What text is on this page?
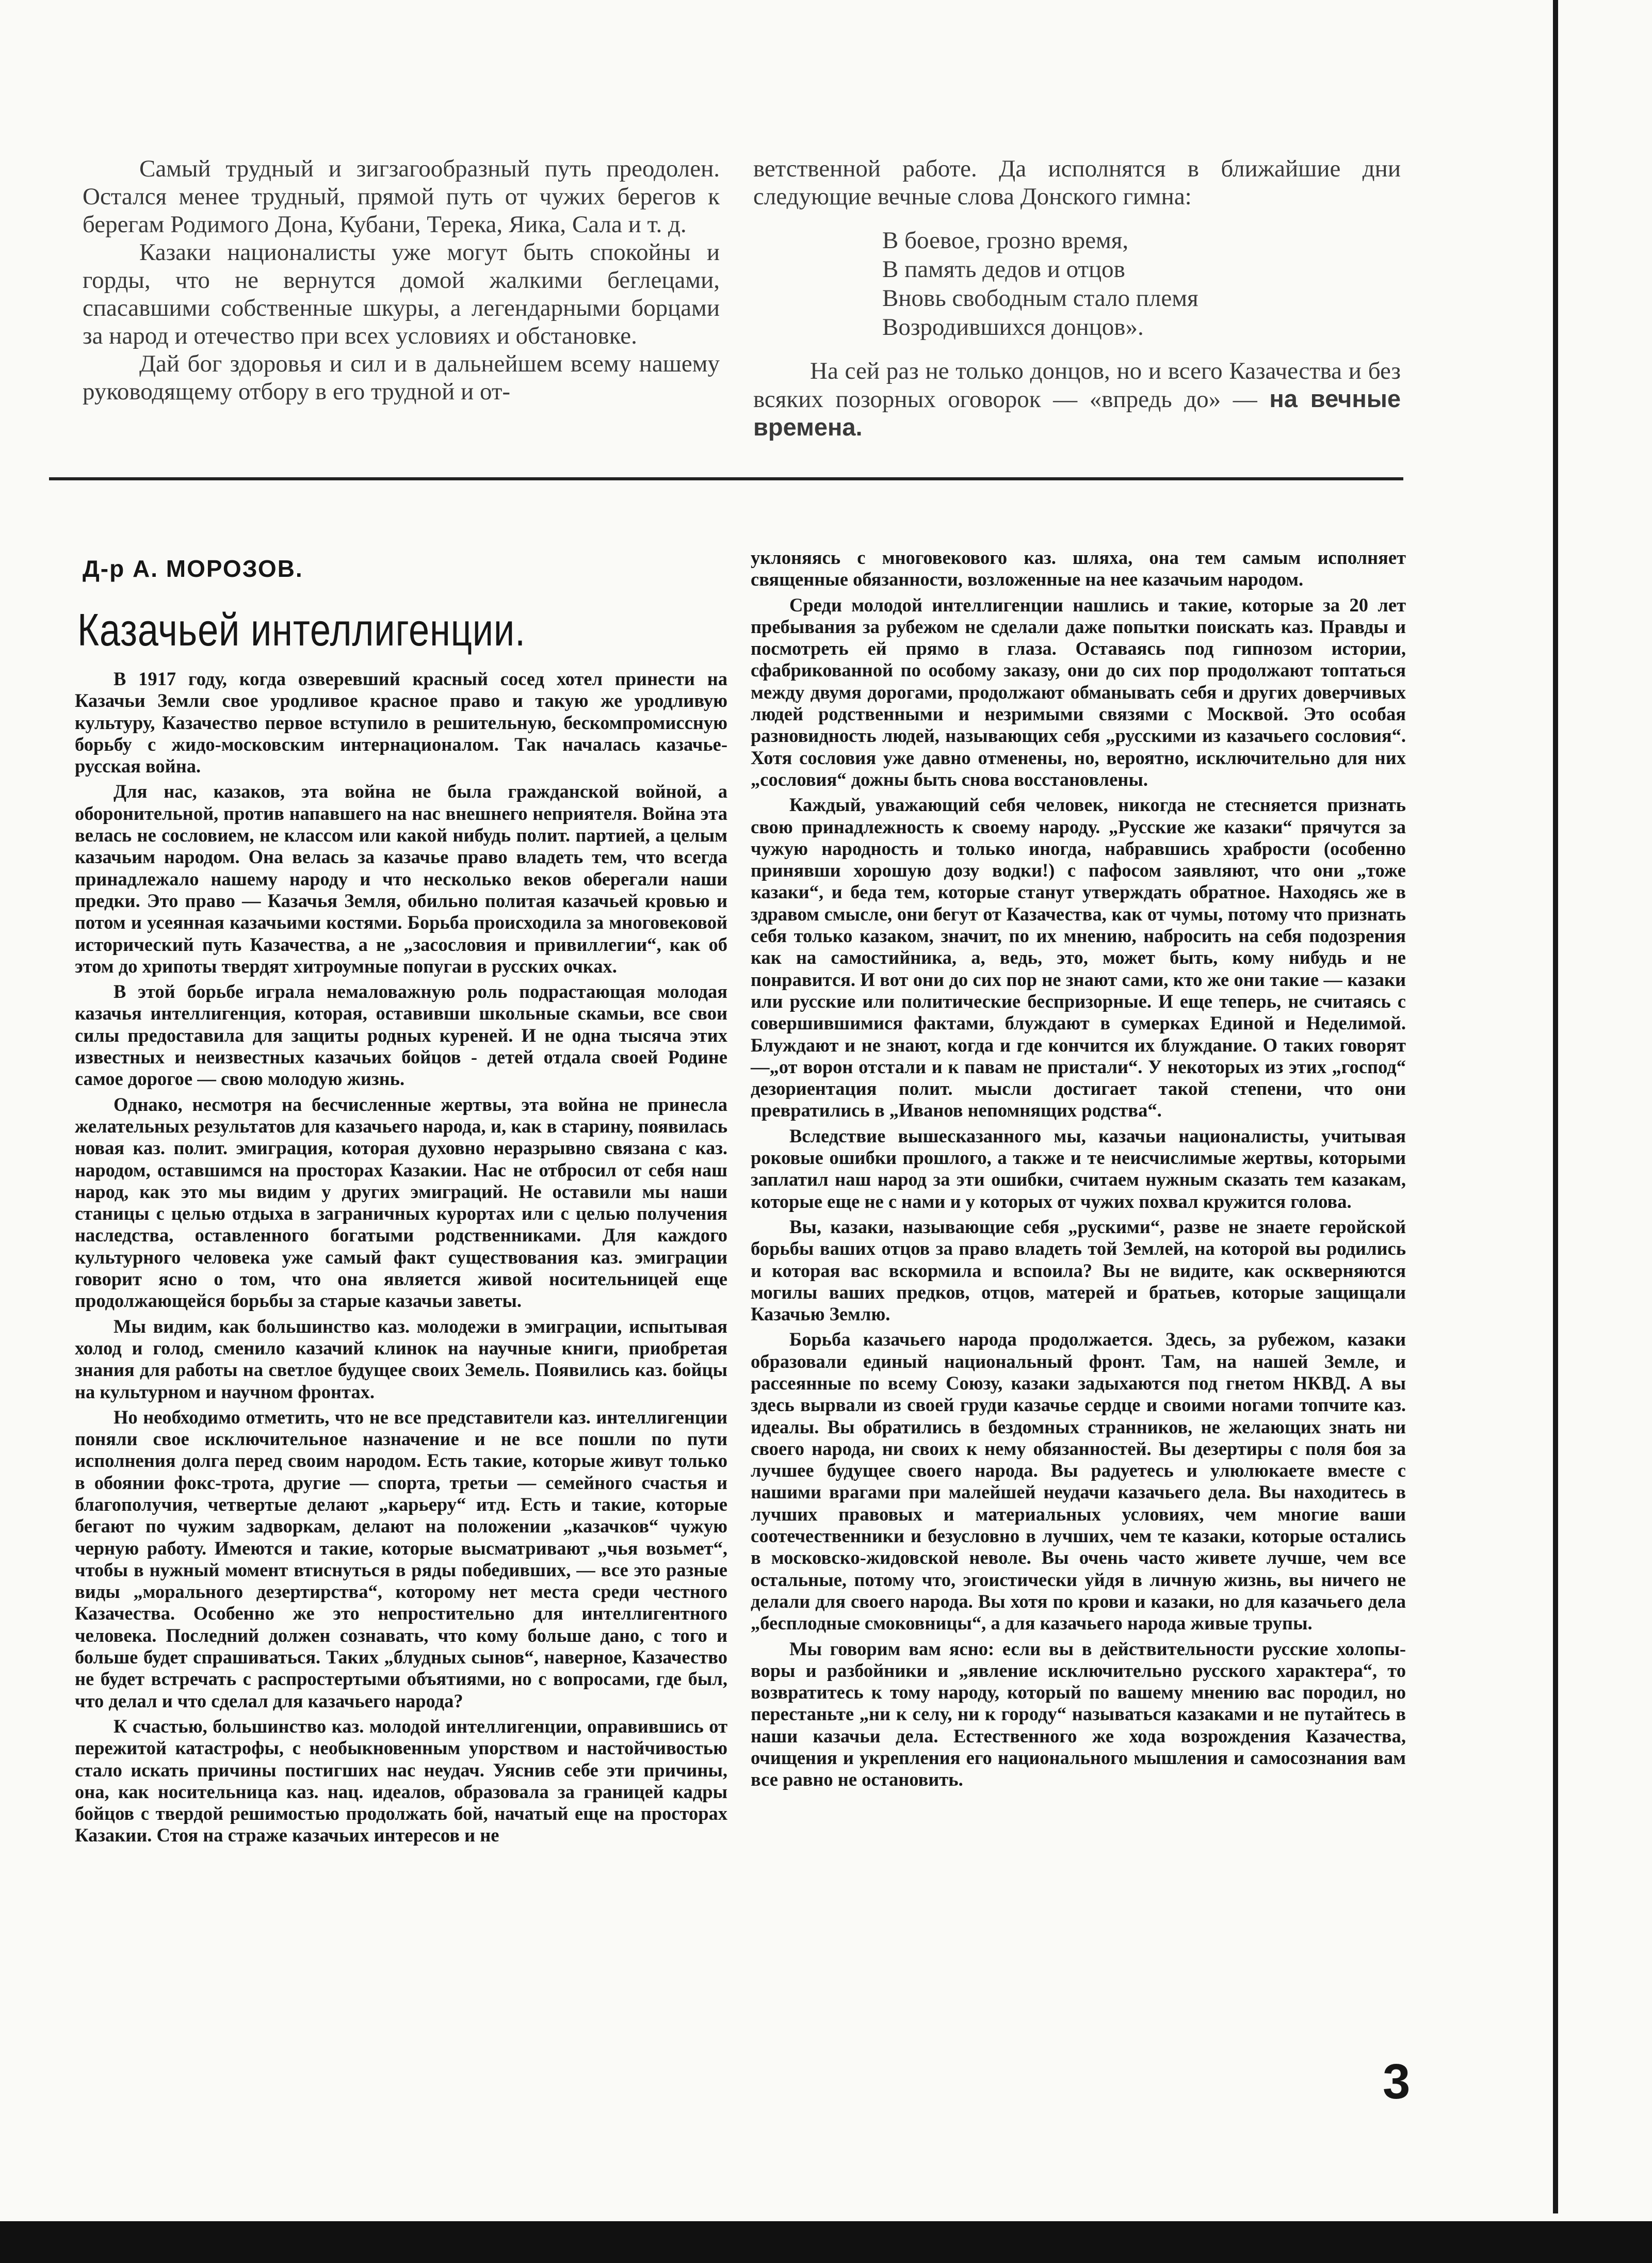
Самый трудный и зигзагообразный путь преодолен. Остался менее трудный, прямой путь от чужих берегов к берегам Родимого Дона, Кубани, Терека, Яика, Сала и т. д.

Казаки националисты уже могут быть спокойны и горды, что не вернутся домой жалкими беглецами, спасавшими собственные шкуры, а легендарными борцами за народ и отечество при всех условиях и обстановке.

Дай бог здоровья и сил и в дальнейшем всему нашему руководящему отбору в его трудной и от-

ветственной работе. Да исполнятся в ближайшие дни следующие вечные слова Донского гимна:

В боевое, грозно время,
В память дедов и отцов
Вновь свободным стало племя
Возродившихся донцов».

На сей раз не только донцов, но и всего Казачества и без всяких позорных оговорок — «впредь до» — на вечные времена.

Д-р А. МОРОЗОВ.
Казачьей интеллигенции.

В 1917 году, когда озверевший красный сосед хотел принести на Казачьи Земли свое уродливое красное право и такую же уродливую культуру, Казачество первое вступило в решительную, бескомпромиссную борьбу с жидо-московским интернационалом. Так началась казачье-русская война.

Для нас, казаков, эта война не была гражданской войной, а оборонительной, против напавшего на нас внешнего неприятеля. Война эта велась не сословием, не классом или какой нибудь полит. партией, а целым казачьим народом. Она велась за казачье право владеть тем, что всегда принадлежало нашему народу и что несколько веков оберегали наши предки. Это право — Казачья Земля, обильно политая казачьей кровью и потом и усеянная казачьими костями. Борьба происходила за многовековой исторический путь Казачества, а не „засословия и привиллегии“, как об этом до хрипоты твердят хитроумные попугаи в русских очках.

В этой борьбе играла немаловажную роль подрастающая молодая казачья интеллигенция, которая, оставивши школьные скамьи, все свои силы предоставила для защиты родных куреней. И не одна тысяча этих известных и неизвестных казачьих бойцов - детей отдала своей Родине самое дорогое — свою молодую жизнь.

Однако, несмотря на бесчисленные жертвы, эта война не принесла желательных результатов для казачьего народа, и, как в старину, появилась новая каз. полит. эмиграция, которая духовно неразрывно связана с каз. народом, оставшимся на просторах Казакии. Нас не отбросил от себя наш народ, как это мы видим у других эмиграций. Не оставили мы наши станицы с целью отдыха в заграничных курортах или с целью получения наследства, оставленного богатыми родственниками. Для каждого культурного человека уже самый факт существования каз. эмиграции говорит ясно о том, что она является живой носительницей еще продолжающейся борьбы за старые казачьи заветы.

Мы видим, как большинство каз. молодежи в эмиграции, испытывая холод и голод, сменило казачий клинок на научные книги, приобретая знания для работы на светлое будущее своих Земель. Появились каз. бойцы на культурном и научном фронтах.

Но необходимо отметить, что не все представители каз. интеллигенции поняли свое исключительное назначение и не все пошли по пути исполнения долга перед своим народом. Есть такие, которые живут только в обоянии фокс-трота, другие — спорта, третьи — семейного счастья и благополучия, четвертые делают „карьеру“ итд. Есть и такие, которые бегают по чужим задворкам, делают на положении „казачков“ чужую черную работу. Имеются и такие, которые высматривают „чья возьмет“, чтобы в нужный момент втиснуться в ряды победивших, — все это разные виды „морального дезертирства“, которому нет места среди честного Казачества. Особенно же это непростительно для интеллигентного человека. Последний должен сознавать, что кому больше дано, с того и больше будет спрашиваться. Таких „блудных сынов“, наверное, Казачество не будет встречать с распростертыми объятиями, но с вопросами, где был, что делал и что сделал для казачьего народа?

К счастью, большинство каз. молодой интеллигенции, оправившись от пережитой катастрофы, с необыкновенным упорством и настойчивостью стало искать причины постигших нас неудач. Уяснив себе эти причины, она, как носительница каз. нац. идеалов, образовала за границей кадры бойцов с твердой решимостью продолжать бой, начатый еще на просторах Казакии. Стоя на страже казачьих интересов и не

уклоняясь с многовекового каз. шляха, она тем самым исполняет священные обязанности, возложенные на нее казачьим народом.

Среди молодой интеллигенции нашлись и такие, которые за 20 лет пребывания за рубежом не сделали даже попытки поискать каз. Правды и посмотреть ей прямо в глаза. Оставаясь под гипнозом истории, сфабрикованной по особому заказу, они до сих пор продолжают топтаться между двумя дорогами, продолжают обманывать себя и других доверчивых людей родственными и незримыми связями с Москвой. Это особая разновидность людей, называющих себя „русскими из казачьего сословия“. Хотя сословия уже давно отменены, но, вероятно, исключительно для них „сословия“ дожны быть снова восстановлены.

Каждый, уважающий себя человек, никогда не стесняется признать свою принадлежность к своему народу. „Русские же казаки“ прячутся за чужую народность и только иногда, набравшись храбрости (особенно принявши хорошую дозу водки!) с пафосом заявляют, что они „тоже казаки“, и беда тем, которые станут утверждать обратное. Находясь же в здравом смысле, они бегут от Казачества, как от чумы, потому что признать себя только казаком, значит, по их мнению, набросить на себя подозрения как на самостийника, а, ведь, это, может быть, кому нибудь и не понравится. И вот они до сих пор не знают сами, кто же они такие — казаки или русские или политические беспризорные. И еще теперь, не считаясь с совершившимися фактами, блуждают в сумерках Единой и Неделимой. Блуждают и не знают, когда и где кончится их блуждание. О таких говорят—„от ворон отстали и к павам не пристали“. У некоторых из этих „господ“ дезориентация полит. мысли достигает такой степени, что они превратились в „Иванов непомнящих родства“.

Вследствие вышесказанного мы, казачьи националисты, учитывая роковые ошибки прошлого, а также и те неисчислимые жертвы, которыми заплатил наш народ за эти ошибки, считаем нужным сказать тем казакам, которые еще не с нами и у которых от чужих похвал кружится голова.

Вы, казаки, называющие себя „рускими“, разве не знаете геройской борьбы ваших отцов за право владеть той Землей, на которой вы родились и которая вас вскормила и вспоила? Вы не видите, как оскверняются могилы ваших предков, отцов, матерей и братьев, которые защищали Казачью Землю.

Борьба казачьего народа продолжается. Здесь, за рубежом, казаки образовали единый национальный фронт. Там, на нашей Земле, и рассеянные по всему Союзу, казаки задыхаются под гнетом НКВД. А вы здесь вырвали из своей груди казачье сердце и своими ногами топчите каз. идеалы. Вы обратились в бездомных странников, не желающих знать ни своего народа, ни своих к нему обязанностей. Вы дезертиры с поля боя за лучшее будущее своего народа. Вы радуетесь и улюлюкаете вместе с нашими врагами при малейшей неудачи казачьего дела. Вы находитесь в лучших правовых и материальных условиях, чем многие ваши соотечественники и безусловно в лучших, чем те казаки, которые остались в московско-жидовской неволе. Вы очень часто живете лучше, чем все остальные, потому что, эгоистически уйдя в личную жизнь, вы ничего не делали для своего народа. Вы хотя по крови и казаки, но для казачьего дела „бесплодные смоковницы“, а для казачьего народа живые трупы.

Мы говорим вам ясно: если вы в действительности русские холопы-воры и разбойники и „явление исключительно русского характера“, то возвратитесь к тому народу, который по вашему мнению вас породил, но перестаньте „ни к селу, ни к городу“ называться казаками и не путайтесь в наши казачьи дела. Естественного же хода возрождения Казачества, очищения и укрепления его национального мышления и самосознания вам все равно не остановить.

3
